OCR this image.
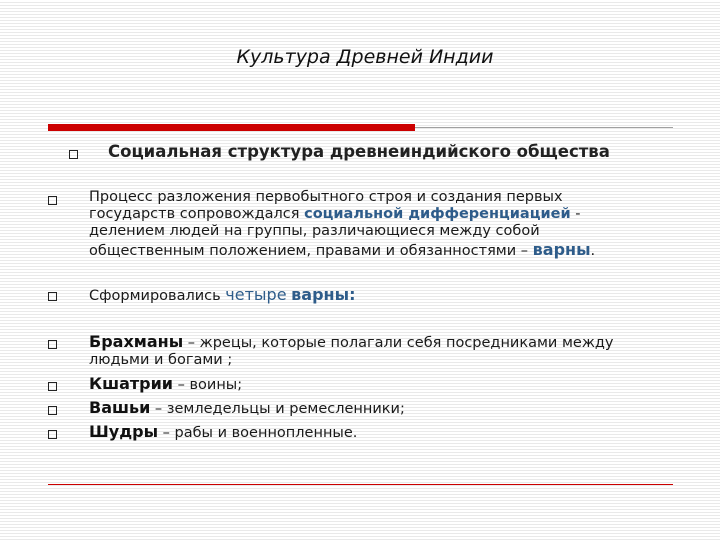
Культура Древней Индии
Социальная структура древнеиндийского общества
Процесс разложения первобытного строя и создания первых
государств сопровождался социальной дифференциацией -
делением людей на группы, различающиеся между собой
общественным положением, правами и обязанностями – варны.
Сформировались четыре варны:
Брахманы – жрецы, которые полагали себя посредниками между
людьми и богами ;
Кшатрии – воины;
Вашьи – земледельцы и ремесленники;
Шудры – рабы и военнопленные.
